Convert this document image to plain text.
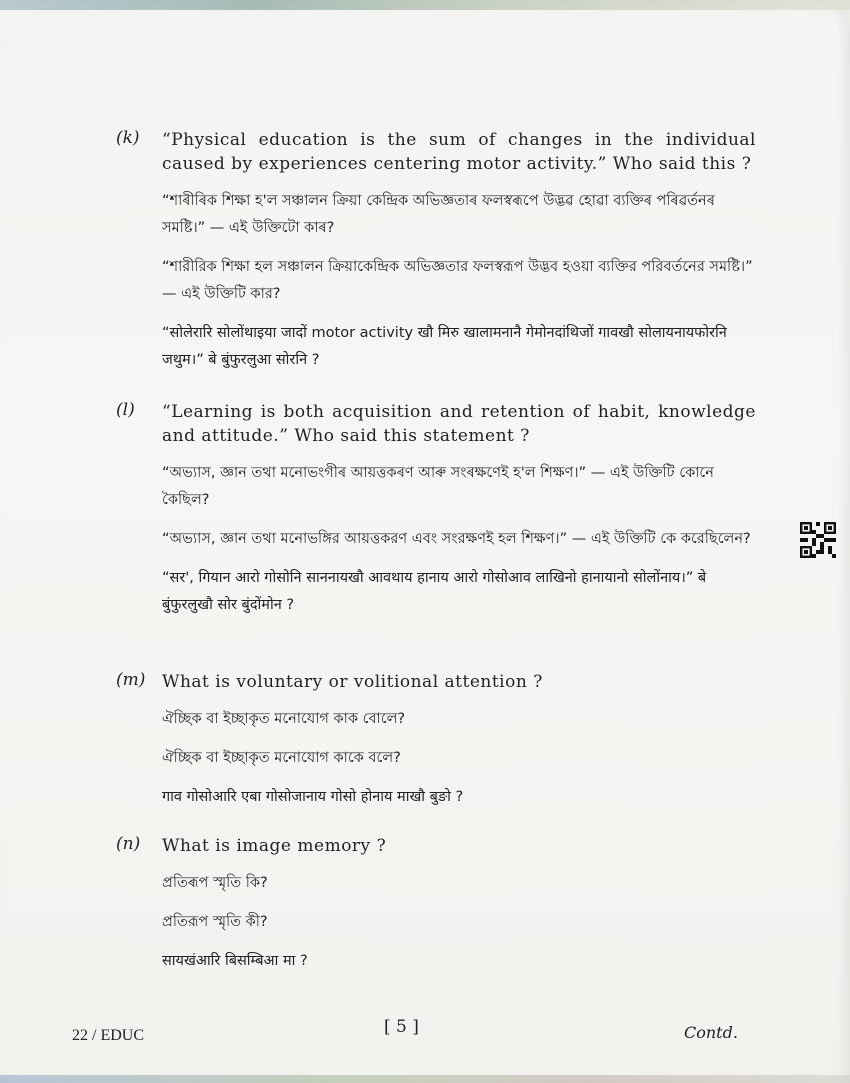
(k) “Physical education is the sum of changes in the individual caused by experiences centering motor activity.” Who said this ?
“শাৰীৰিক শিক্ষা হ'ল সঞ্চালন ক্রিয়া কেন্দ্রিক অভিজ্ঞতাৰ ফলস্বৰূপে উদ্ভৱ হোৱা ব্যক্তিৰ পৰিৱৰ্তনৰ সমষ্টি।” — এই উক্তিটো কাৰ?
“শারীরিক শিক্ষা হল সঞ্চালন ক্রিয়াকেন্দ্রিক অভিজ্ঞতার ফলস্বরূপ উদ্ভব হওয়া ব্যক্তির পরিবর্তনের সমষ্টি।” — এই উক্তিটি কার?
“सोलेरारि सोलोंथाइया जादों motor activity खौ मिरु खालामनानै गेमोनदांथिजों गावखौ सोलायनायफोरनि जथुम।” बे बुंफुरलुआ सोरनि ?
(l) “Learning is both acquisition and retention of habit, knowledge and attitude.” Who said this statement ?
“অভ্যাস, জ্ঞান তথা মনোভংগীৰ আয়ত্তকৰণ আৰু সংৰক্ষণেই হ'ল শিক্ষণ।” — এই উক্তিটি কোনে কৈছিল?
“অভ্যাস, জ্ঞান তথা মনোভঙ্গির আয়ত্তকরণ এবং সংরক্ষণই হল শিক্ষণ।” — এই উক্তিটি কে করেছিলেন?
“सर', गियान आरो गोसोनि साननायखौ आवथाय हानाय आरो गोसोआव लाखिनो हानायानो सोलोंनाय।” बे बुंफुरलुखौ सोर बुंदोंमोन ?
(m) What is voluntary or volitional attention ?
ঐচ্ছিক বা ইচ্ছাকৃত মনোযোগ কাক বোলে?
ঐচ্ছিক বা ইচ্ছাকৃত মনোযোগ কাকে বলে?
गाव गोसोआरि एबा गोसोजानाय गोसो होनाय माखौ बुङो ?
(n) What is image memory ?
প্রতিৰূপ স্মৃতি কি?
প্রতিরূপ স্মৃতি কী?
सायखंआरि बिसम्बिआ मा ?
22 / EDUC	[ 5 ]	Contd.
